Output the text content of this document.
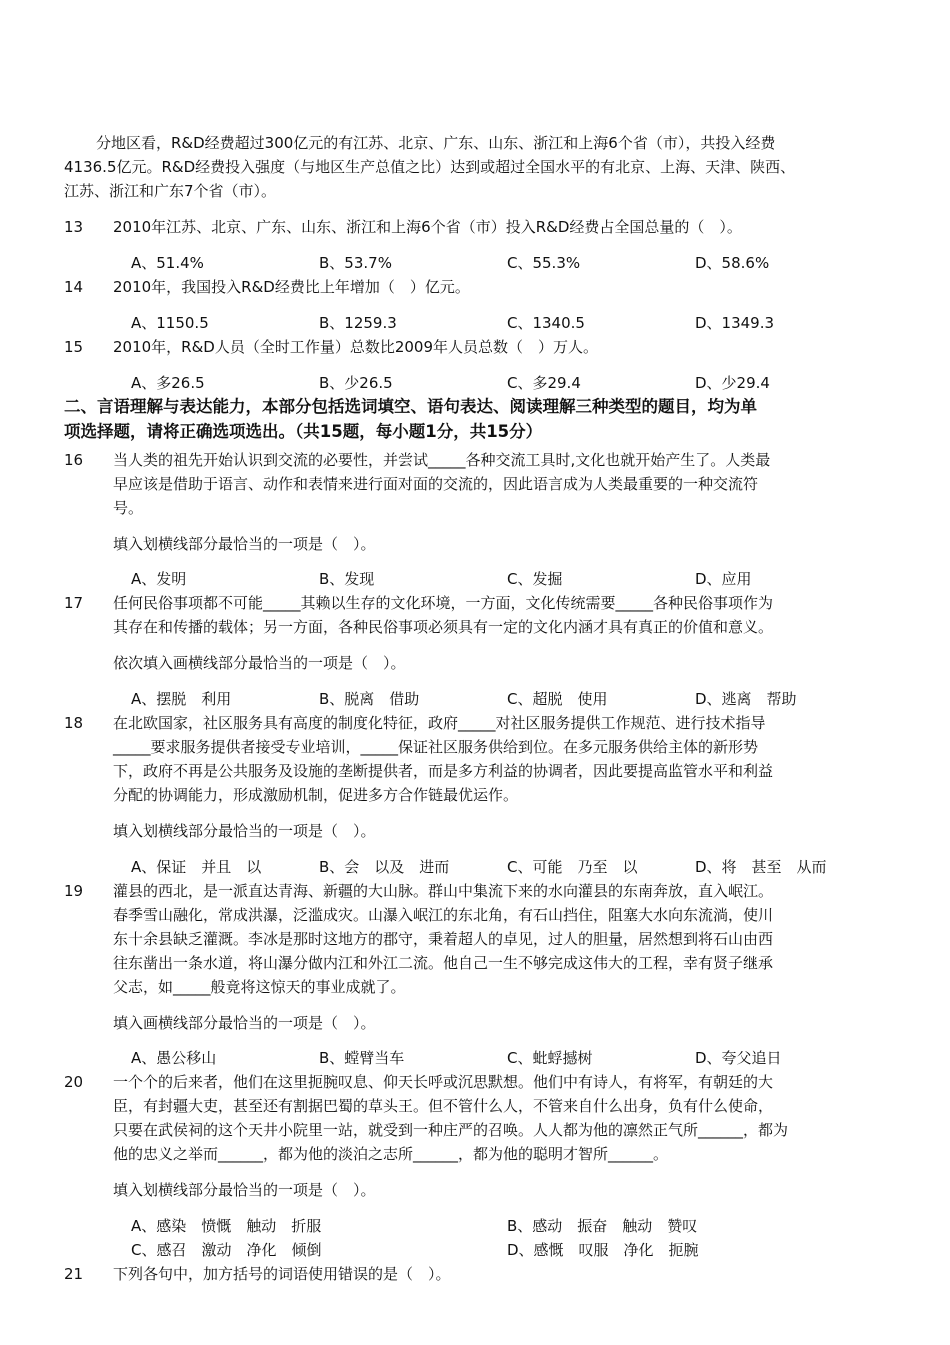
分地区看，R&D经费超过300亿元的有江苏、北京、广东、山东、浙江和上海6个省（市），共投入经费
4136.5亿元。R&D经费投入强度（与地区生产总值之比）达到或超过全国水平的有北京、上海、天津、陕西、
江苏、浙江和广东7个省（市）。
13 2010年江苏、北京、广东、山东、浙江和上海6个省（市）投入R&D经费占全国总量的（　）。
A、51.4%	B、53.7%	C、55.3%	D、58.6%
14 2010年，我国投入R&D经费比上年增加（　）亿元。
A、1150.5	B、1259.3	C、1340.5	D、1349.3
15 2010年，R&D人员（全时工作量）总数比2009年人员总数（　）万人。
A、多26.5	B、少26.5	C、多29.4	D、少29.4
二、言语理解与表达能力，本部分包括选词填空、语句表达、阅读理解三种类型的题目，均为单
项选择题，请将正确选项选出。（共15题，每小题1分，共15分）
16 当人类的祖先开始认识到交流的必要性，并尝试_____各种交流工具时,文化也就开始产生了。人类最
早应该是借助于语言、动作和表情来进行面对面的交流的，因此语言成为人类最重要的一种交流符
号。
填入划横线部分最恰当的一项是（　）。
A、发明	B、发现	C、发掘	D、应用
17 任何民俗事项都不可能_____其赖以生存的文化环境，一方面，文化传统需要_____各种民俗事项作为
其存在和传播的载体；另一方面，各种民俗事项必须具有一定的文化内涵才具有真正的价值和意义。
依次填入画横线部分最恰当的一项是（　）。
A、摆脱　利用	B、脱离　借助	C、超脱　使用	D、逃离　帮助
18 在北欧国家，社区服务具有高度的制度化特征，政府_____对社区服务提供工作规范、进行技术指导
_____要求服务提供者接受专业培训，_____保证社区服务供给到位。在多元服务供给主体的新形势
下，政府不再是公共服务及设施的垄断提供者，而是多方利益的协调者，因此要提高监管水平和利益
分配的协调能力，形成激励机制，促进多方合作链最优运作。
填入划横线部分最恰当的一项是（　）。
A、保证　并且　以	B、会　以及　进而	C、可能　乃至　以	D、将　甚至　从而
19 灌县的西北，是一派直达青海、新疆的大山脉。群山中集流下来的水向灌县的东南奔放，直入岷江。
春季雪山融化，常成洪瀑，泛滥成灾。山瀑入岷江的东北角，有石山挡住，阻塞大水向东流淌，使川
东十余县缺乏灌溉。李冰是那时这地方的郡守，秉着超人的卓见，过人的胆量，居然想到将石山由西
往东凿出一条水道，将山瀑分做内江和外江二流。他自己一生不够完成这伟大的工程，幸有贤子继承
父志，如_____般竟将这惊天的事业成就了。
填入画横线部分最恰当的一项是（　）。
A、愚公移山	B、螳臂当车	C、蚍蜉撼树	D、夸父追日
20 一个个的后来者，他们在这里扼腕叹息、仰天长呼或沉思默想。他们中有诗人，有将军，有朝廷的大
臣，有封疆大吏，甚至还有割据巴蜀的草头王。但不管什么人，不管来自什么出身，负有什么使命，
只要在武侯祠的这个天井小院里一站，就受到一种庄严的召唤。人人都为他的凛然正气所______，都为
他的忠义之举而______，都为他的淡泊之志所______，都为他的聪明才智所______。
填入划横线部分最恰当的一项是（　）。
A、感染　愤慨　触动　折服	B、感动　振奋　触动　赞叹
C、感召　激动　净化　倾倒	D、感慨　叹服　净化　扼腕
21 下列各句中，加方括号的词语使用错误的是（　）。
